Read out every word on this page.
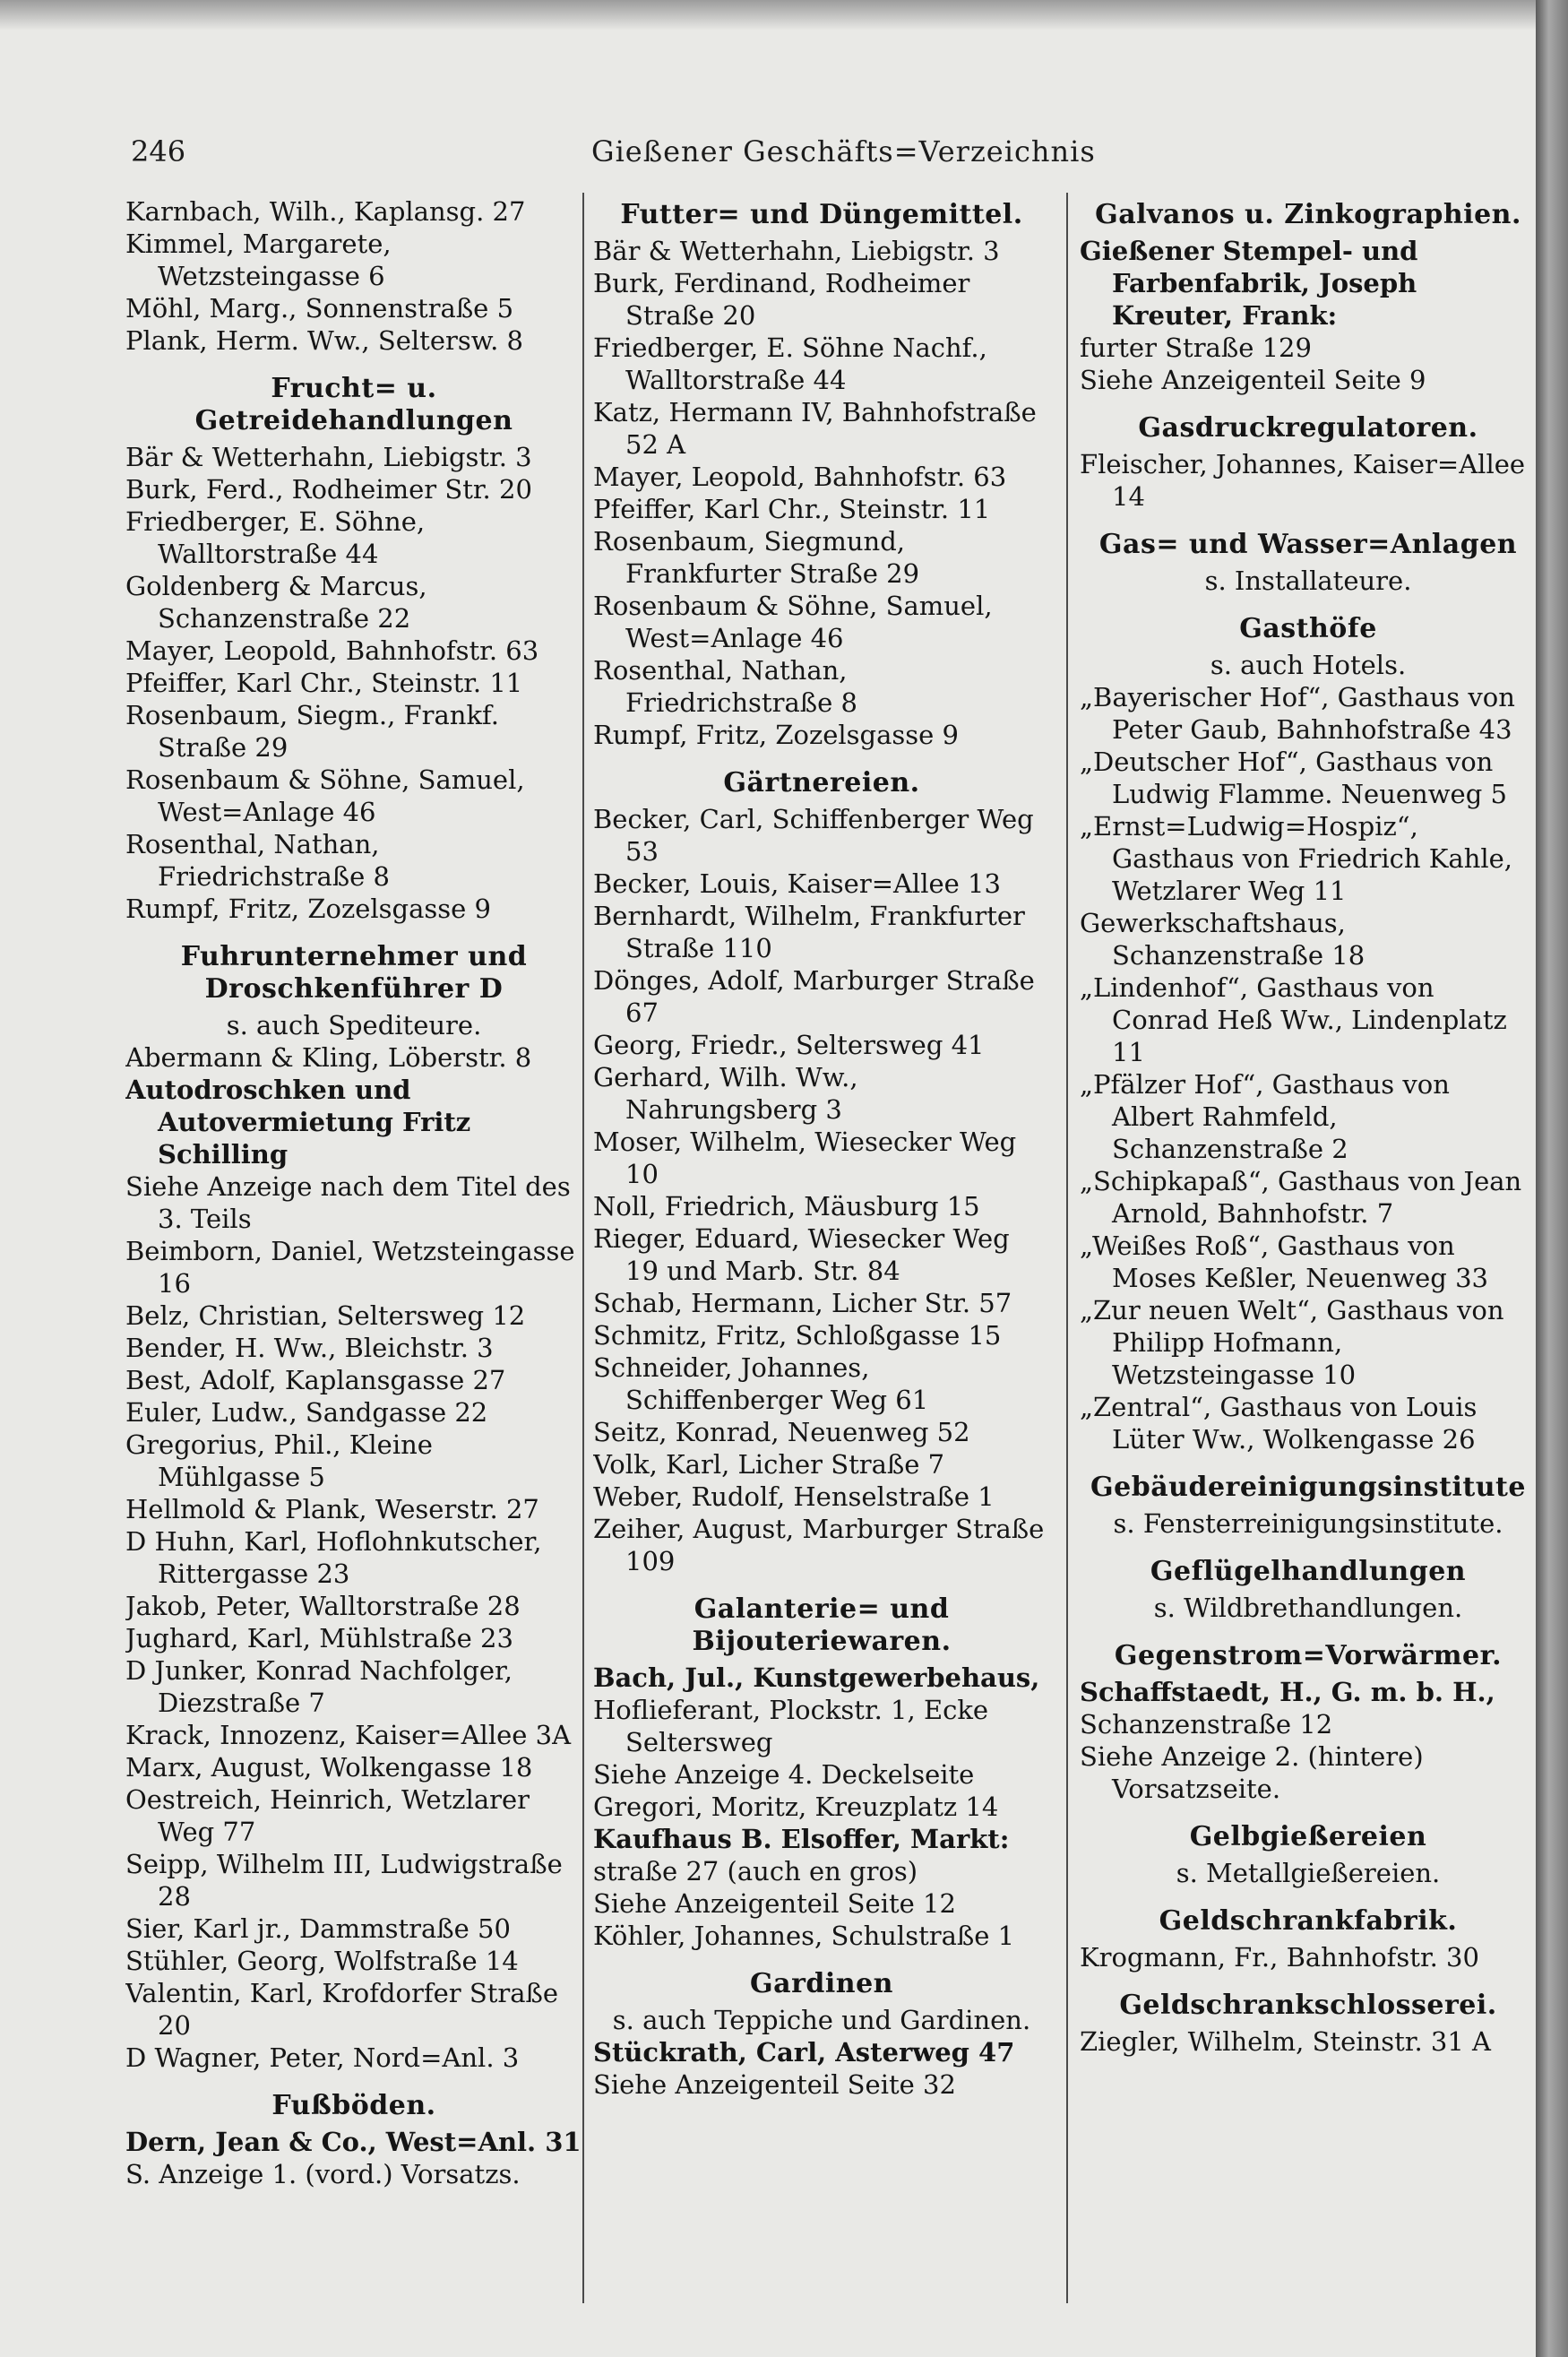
246	Gießener Geschäfts=Verzeichnis
Karnbach, Wilh., Kaplansg. 27
Kimmel, Margarete, Wetzsteingasse 6
Möhl, Marg., Sonnenstraße 5
Plank, Herm. Ww., Seltersw. 8
Frucht= u. Getreidehandlungen
Bär & Wetterhahn, Liebigstr. 3
Burk, Ferd., Rodheimer Str. 20
Friedberger, E. Söhne, Walltorstraße 44
Goldenberg & Marcus, Schanzenstraße 22
Mayer, Leopold, Bahnhofstr. 63
Pfeiffer, Karl Chr., Steinstr. 11
Rosenbaum, Siegm., Frankf. Straße 29
Rosenbaum & Söhne, Samuel, West=Anlage 46
Rosenthal, Nathan, Friedrichstraße 8
Rumpf, Fritz, Zozelsgasse 9
Fuhrunternehmer und Droschkenführer D
s. auch Spediteure.
Abermann & Kling, Löberstr. 8
Autodroschken und Autovermietung Fritz Schilling
Siehe Anzeige nach dem Titel des 3. Teils
Beimborn, Daniel, Wetzsteingasse 16
Belz, Christian, Seltersweg 12
Bender, H. Ww., Bleichstr. 3
Best, Adolf, Kaplansgasse 27
Euler, Ludw., Sandgasse 22
Gregorius, Phil., Kleine Mühlgasse 5
Hellmold & Plank, Weserstr. 27
D Huhn, Karl, Hoflohnkutscher, Rittergasse 23
Jakob, Peter, Walltorstraße 28
Jughard, Karl, Mühlstraße 23
D Junker, Konrad Nachfolger, Diezstraße 7
Krack, Innozenz, Kaiser=Allee 3A
Marx, August, Wolkengasse 18
Oestreich, Heinrich, Wetzlarer Weg 77
Seipp, Wilhelm III, Ludwigstraße 28
Sier, Karl jr., Dammstraße 50
Stühler, Georg, Wolfstraße 14
Valentin, Karl, Krofdorfer Straße 20
D Wagner, Peter, Nord=Anl. 3
Fußböden.
Dern, Jean & Co., West=Anl. 31
S. Anzeige 1. (vord.) Vorsatzs.
Futter= und Düngemittel.
Bär & Wetterhahn, Liebigstr. 3
Burk, Ferdinand, Rodheimer Straße 20
Friedberger, E. Söhne Nachf., Walltorstraße 44
Katz, Hermann IV, Bahnhofstraße 52 A
Mayer, Leopold, Bahnhofstr. 63
Pfeiffer, Karl Chr., Steinstr. 11
Rosenbaum, Siegmund, Frankfurter Straße 29
Rosenbaum & Söhne, Samuel, West=Anlage 46
Rosenthal, Nathan, Friedrichstraße 8
Rumpf, Fritz, Zozelsgasse 9
Gärtnereien.
Becker, Carl, Schiffenberger Weg 53
Becker, Louis, Kaiser=Allee 13
Bernhardt, Wilhelm, Frankfurter Straße 110
Dönges, Adolf, Marburger Straße 67
Georg, Friedr., Seltersweg 41
Gerhard, Wilh. Ww., Nahrungsberg 3
Moser, Wilhelm, Wiesecker Weg 10
Noll, Friedrich, Mäusburg 15
Rieger, Eduard, Wiesecker Weg 19 und Marb. Str. 84
Schab, Hermann, Licher Str. 57
Schmitz, Fritz, Schloßgasse 15
Schneider, Johannes, Schiffenberger Weg 61
Seitz, Konrad, Neuenweg 52
Volk, Karl, Licher Straße 7
Weber, Rudolf, Henselstraße 1
Zeiher, August, Marburger Straße 109
Galanterie= und Bijouteriewaren.
Bach, Jul., Kunstgewerbehaus,
Hoflieferant, Plockstr. 1, Ecke Seltersweg
Siehe Anzeige 4. Deckelseite
Gregori, Moritz, Kreuzplatz 14
Kaufhaus B. Elsoffer, Markt:
straße 27 (auch en gros)
Siehe Anzeigenteil Seite 12
Köhler, Johannes, Schulstraße 1
Gardinen
s. auch Teppiche und Gardinen.
Stückrath, Carl, Asterweg 47
Siehe Anzeigenteil Seite 32
Galvanos u. Zinkographien.
Gießener Stempel- und Farbenfabrik, Joseph Kreuter, Frank:
furter Straße 129
Siehe Anzeigenteil Seite 9
Gasdruckregulatoren.
Fleischer, Johannes, Kaiser=Allee 14
Gas= und Wasser=Anlagen
s. Installateure.
Gasthöfe
s. auch Hotels.
„Bayerischer Hof“, Gasthaus von Peter Gaub, Bahnhofstraße 43
„Deutscher Hof“, Gasthaus von Ludwig Flamme. Neuenweg 5
„Ernst=Ludwig=Hospiz“, Gasthaus von Friedrich Kahle, Wetzlarer Weg 11
Gewerkschaftshaus, Schanzenstraße 18
„Lindenhof“, Gasthaus von Conrad Heß Ww., Lindenplatz 11
„Pfälzer Hof“, Gasthaus von Albert Rahmfeld, Schanzenstraße 2
„Schipkapaß“, Gasthaus von Jean Arnold, Bahnhofstr. 7
„Weißes Roß“, Gasthaus von Moses Keßler, Neuenweg 33
„Zur neuen Welt“, Gasthaus von Philipp Hofmann, Wetzsteingasse 10
„Zentral“, Gasthaus von Louis Lüter Ww., Wolkengasse 26
Gebäudereinigungsinstitute
s. Fensterreinigungsinstitute.
Geflügelhandlungen
s. Wildbrethandlungen.
Gegenstrom=Vorwärmer.
Schaffstaedt, H., G. m. b. H.,
Schanzenstraße 12
Siehe Anzeige 2. (hintere) Vorsatzseite.
Gelbgießereien
s. Metallgießereien.
Geldschrankfabrik.
Krogmann, Fr., Bahnhofstr. 30
Geldschrankschlosserei.
Ziegler, Wilhelm, Steinstr. 31 A
